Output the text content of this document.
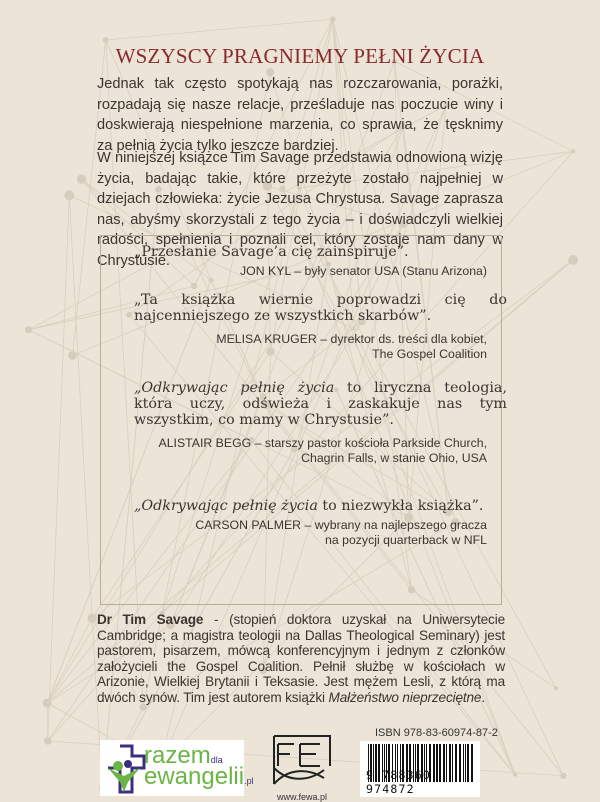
WSZYSCY PRAGNIEMY PEŁNI ŻYCIA
Jednak tak często spotykają nas rozczarowania, porażki, rozpadają się nasze relacje, prześladuje nas poczucie winy i doskwierają niespełnione marzenia, co sprawia, że tęsknimy za pełnią życia tylko jeszcze bardziej.
W niniejszej książce Tim Savage przedstawia odnowioną wizję życia, badając takie, które przeżyte zostało najpełniej w dziejach człowieka: życie Jezusa Chrystusa. Savage zaprasza nas, abyśmy skorzystali z tego życia – i doświadczyli wielkiej radości, spełnienia i poznali cel, który zostaje nam dany w Chrystusie.
„Przesłanie Savage’a cię zainspiruje”.
JON KYL – były senator USA (Stanu Arizona)
„Ta książka wiernie poprowadzi cię do najcenniejszego ze wszystkich skarbów”.
MELISA KRUGER – dyrektor ds. treści dla kobiet,
The Gospel Coalition
„Odkrywając pełnię życia to liryczna teologia, która uczy, odświeża i zaskakuje nas tym wszystkim, co mamy w Chrystusie”.
ALISTAIR BEGG – starszy pastor kościoła Parkside Church,
Chagrin Falls, w stanie Ohio, USA
„Odkrywając pełnię życia to niezwykła książka”.
CARSON PALMER – wybrany na najlepszego gracza
na pozycji quarterback w NFL
Dr Tim Savage - (stopień doktora uzyskał na Uniwersytecie Cambridge; a magistra teologii na Dallas Theological Seminary) jest pastorem, pisarzem, mówcą konferencyjnym i jednym z członków założycieli the Gospel Coalition. Pełnił służbę w kościołach w Arizonie, Wielkiej Brytanii i Teksasie. Jest mężem Lesli, z którą ma dwóch synów. Tim jest autorem książki Małżeństwo nieprzeciętne.
razemdla
ewangelii.pl
www.fewa.pl
ISBN 978-83-60974-87-2
9 788360 974872
